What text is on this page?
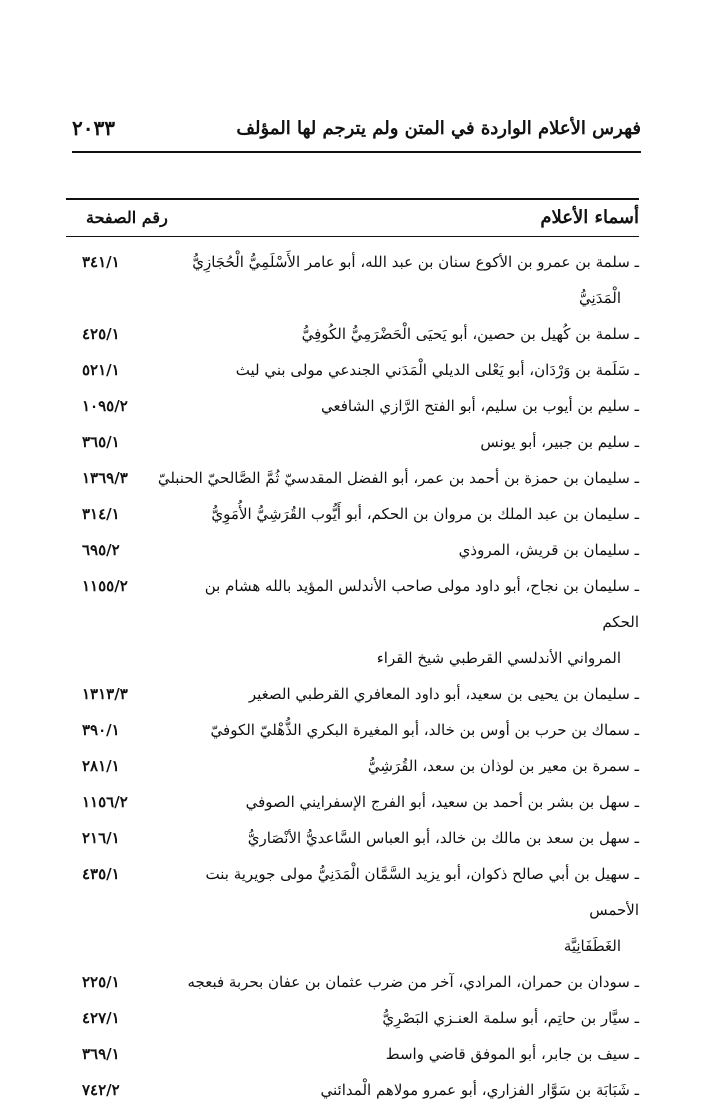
فهرس الأعلام الواردة في المتن ولم يترجم لها المؤلف
٢٠٣٣
أسماء الأعلام
رقم الصفحة
ـ سلمة بن عمرو بن الأكوع سنان بن عبد الله، أبو عامر الأَسْلَمِيُّ الْحُجَازِيُّ
الْمَدَنِيُّ
٣٤١/١
ـ سلمة بن كُهيل بن حصين، أبو يَحيَى الْحَضْرَمِيُّ الكُوفِيُّ
٤٢٥/١
ـ سَلَمة بن وَرْدَان، أبو يَعْلى الديلي الْمَدَني الجندعي مولى بني ليث
٥٢١/١
ـ سليم بن أيوب بن سليم، أبو الفتح الرَّازي الشافعي
١٠٩٥/٢
ـ سليم بن جبير، أبو يونس
٣٦٥/١
ـ سليمان بن حمزة بن أحمد بن عمر، أبو الفضل المقدسيّ ثُمَّ الصَّالحيّ الحنبليّ
١٣٦٩/٣
ـ سليمان بن عبد الملك بن مروان بن الحكم، أبو أَيُّوب القُرَشِيُّ الأُمَوِيُّ
٣١٤/١
ـ سليمان بن قريش، المروذي
٦٩٥/٢
ـ سليمان بن نجاح، أبو داود مولى صاحب الأندلس المؤيد بالله هشام بن الحكم
المرواني الأندلسي القرطبي شيخ القراء
١١٥٥/٢
ـ سليمان بن يحيى بن سعيد، أبو داود المعافري القرطبي الصغير
١٣١٣/٣
ـ سماك بن حرب بن أوس بن خالد، أبو المغيرة البكري الذُّهْليّ الكوفيّ
٣٩٠/١
ـ سمرة بن معير بن لوذان بن سعد، القُرَشِيُّ
٢٨١/١
ـ سهل بن بشر بن أحمد بن سعيد، أبو الفرج الإسفرايني الصوفي
١١٥٦/٢
ـ سهل بن سعد بن مالك بن خالد، أبو العباس السَّاعديُّ الأنْصَاريُّ
٢١٦/١
ـ سهيل بن أبي صالح ذكوان، أبو يزيد السَّمَّان الْمَدَنِيُّ مولى جويرية بنت الأحمس
الغَطَفَانِيَّة
٤٣٥/١
ـ سودان بن حمران، المرادي، آخر من ضرب عثمان بن عفان بحربة فبعجه
٢٢٥/١
ـ سيَّار بن حاتِم، أبو سلمة العنـزي البَصْرِيُّ
٤٢٧/١
ـ سيف بن جابر، أبو الموفق قاضي واسط
٣٦٩/١
ـ شَبَابَة بن سَوَّار الفزاري، أبو عمرو مولاهم الْمدائني
٧٤٢/٢
